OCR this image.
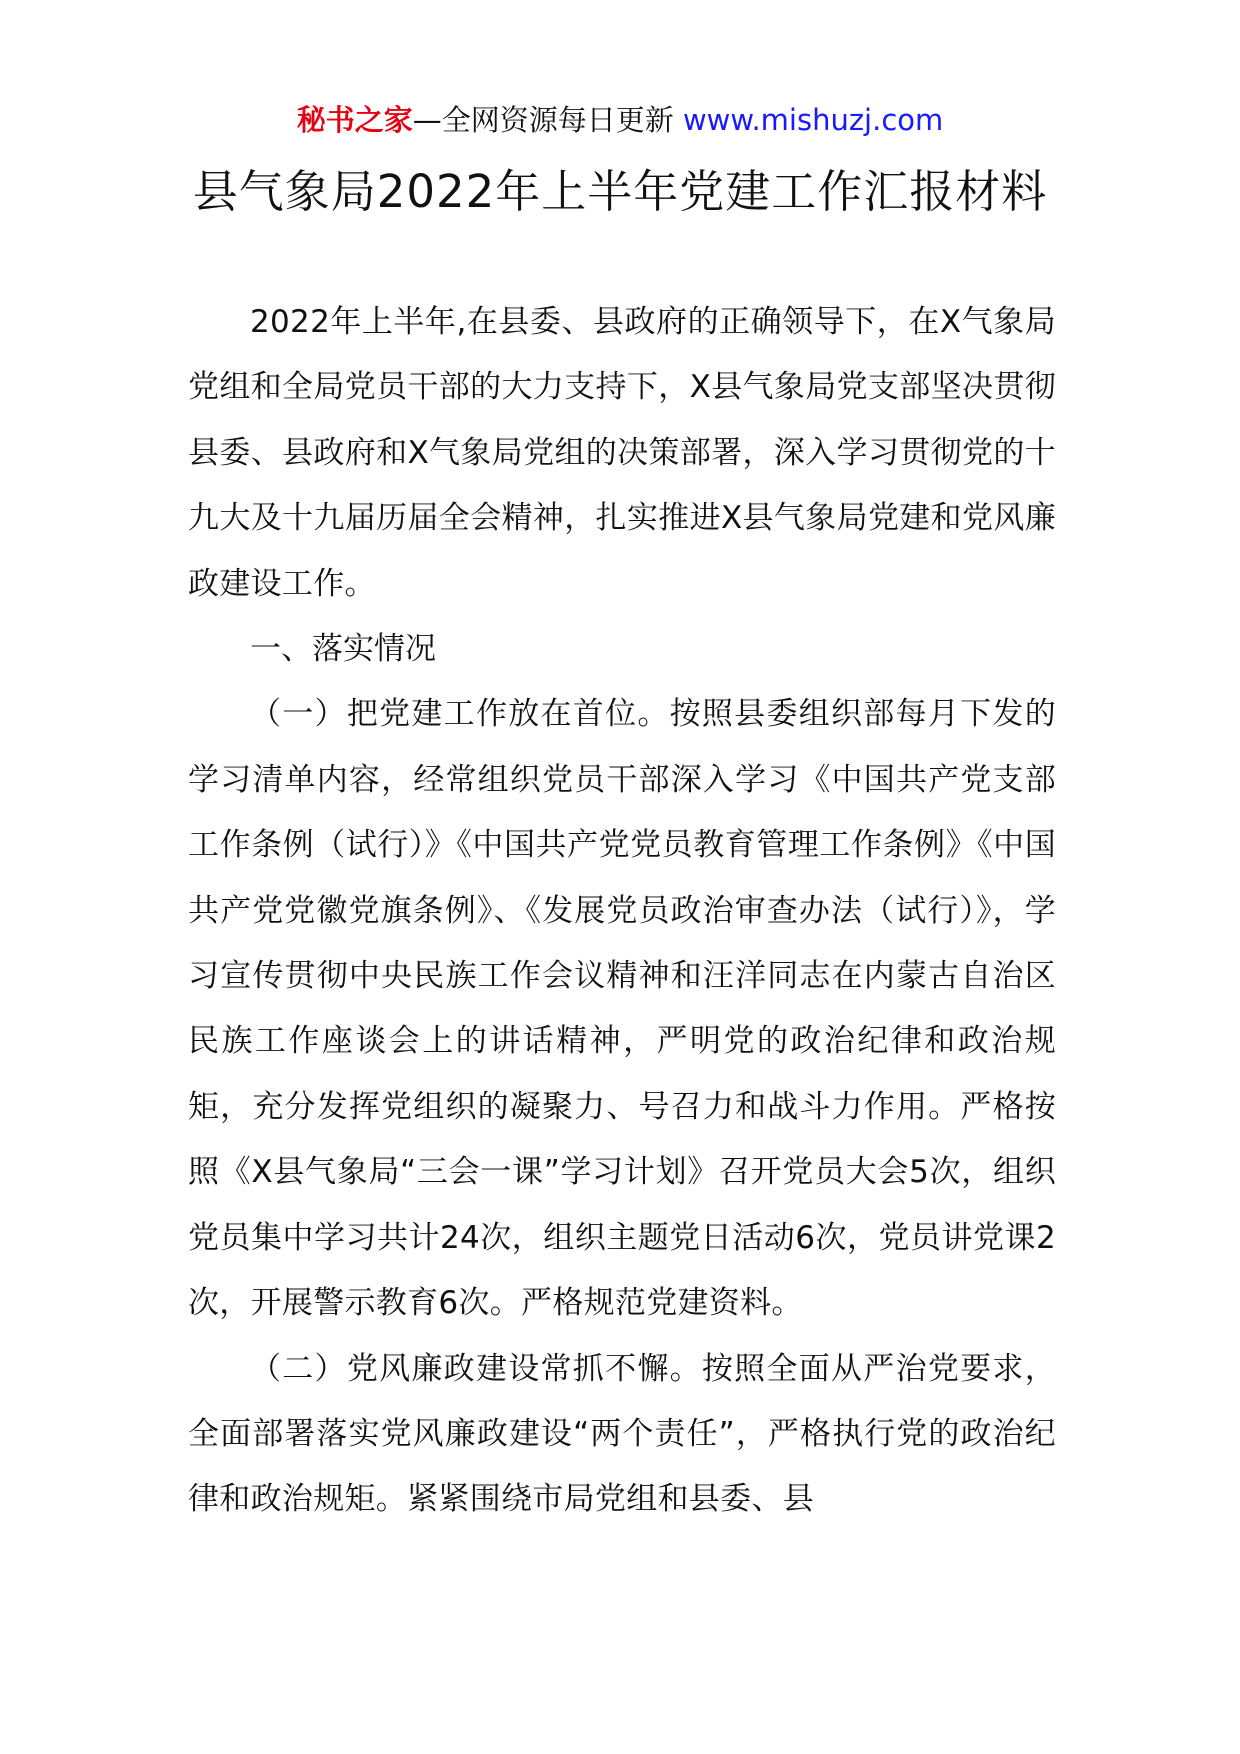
秘书之家—全网资源每日更新 www.mishuzj.com
县气象局2022年上半年党建工作汇报材料

2022年上半年,在县委、县政府的正确领导下，在X气象局党组和全局党员干部的大力支持下，X县气象局党支部坚决贯彻县委、县政府和X气象局党组的决策部署，深入学习贯彻党的十九大及十九届历届全会精神，扎实推进X县气象局党建和党风廉政建设工作。

一、落实情况

（一）把党建工作放在首位。按照县委组织部每月下发的学习清单内容，经常组织党员干部深入学习《中国共产党支部工作条例（试行）》《中国共产党党员教育管理工作条例》《中国共产党党徽党旗条例》、《发展党员政治审查办法（试行）》，学习宣传贯彻中央民族工作会议精神和汪洋同志在内蒙古自治区民族工作座谈会上的讲话精神，严明党的政治纪律和政治规矩，充分发挥党组织的凝聚力、号召力和战斗力作用。严格按照《X县气象局“三会一课”学习计划》召开党员大会5次，组织党员集中学习共计24次，组织主题党日活动6次，党员讲党课2次，开展警示教育6次。严格规范党建资料。

（二）党风廉政建设常抓不懈。按照全面从严治党要求，全面部署落实党风廉政建设“两个责任”，严格执行党的政治纪律和政治规矩。紧紧围绕市局党组和县委、县
